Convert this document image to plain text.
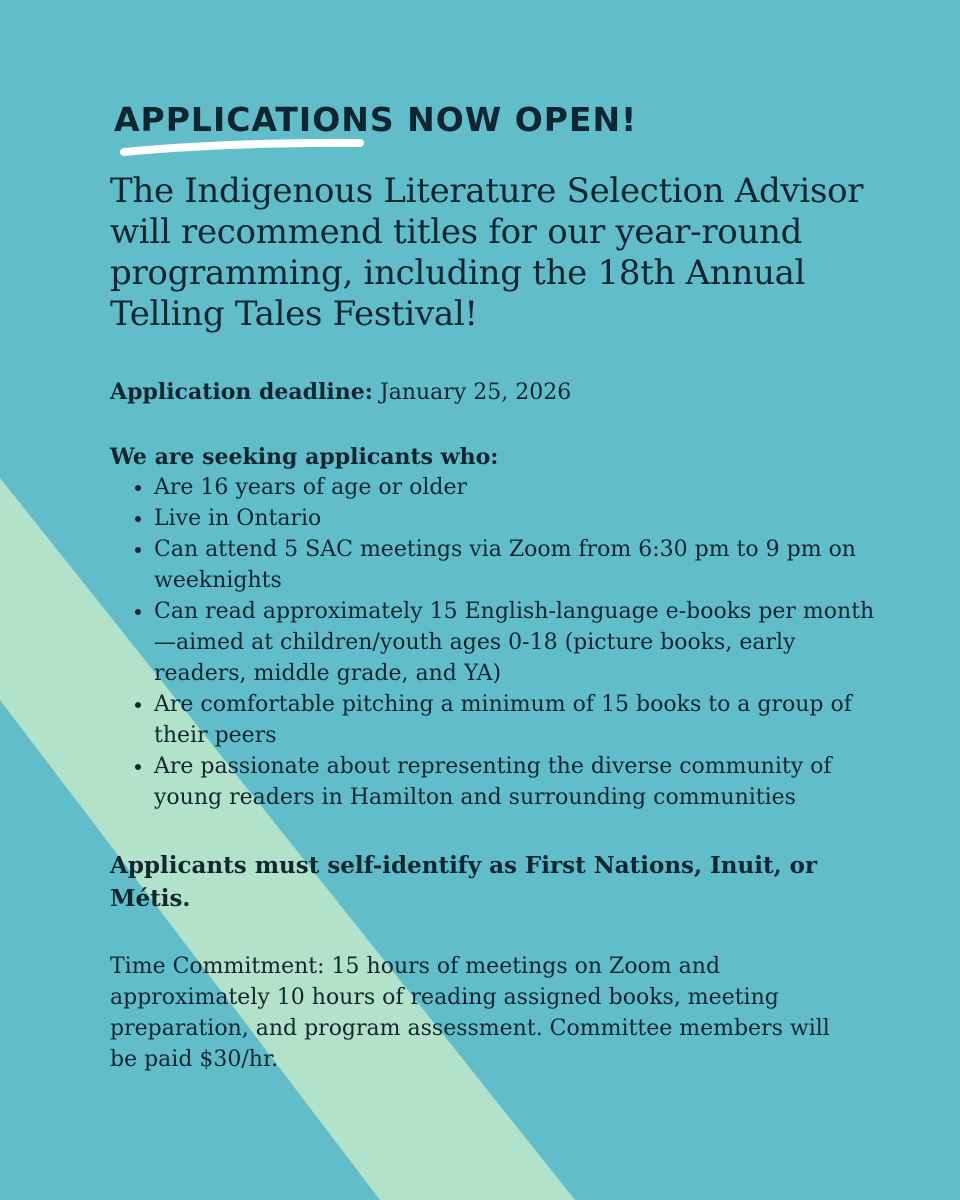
APPLICATIONS NOW OPEN!
The Indigenous Literature Selection Advisor will recommend titles for our year-round programming, including the 18th Annual Telling Tales Festival!
Application deadline: January 25, 2026
We are seeking applicants who:
• Are 16 years of age or older
• Live in Ontario
• Can attend 5 SAC meetings via Zoom from 6:30 pm to 9 pm on weeknights
• Can read approximately 15 English-language e-books per month—aimed at children/youth ages 0-18 (picture books, early readers, middle grade, and YA)
• Are comfortable pitching a minimum of 15 books to a group of their peers
• Are passionate about representing the diverse community of young readers in Hamilton and surrounding communities
Applicants must self-identify as First Nations, Inuit, or Métis.
Time Commitment: 15 hours of meetings on Zoom and approximately 10 hours of reading assigned books, meeting preparation, and program assessment. Committee members will be paid $30/hr.
